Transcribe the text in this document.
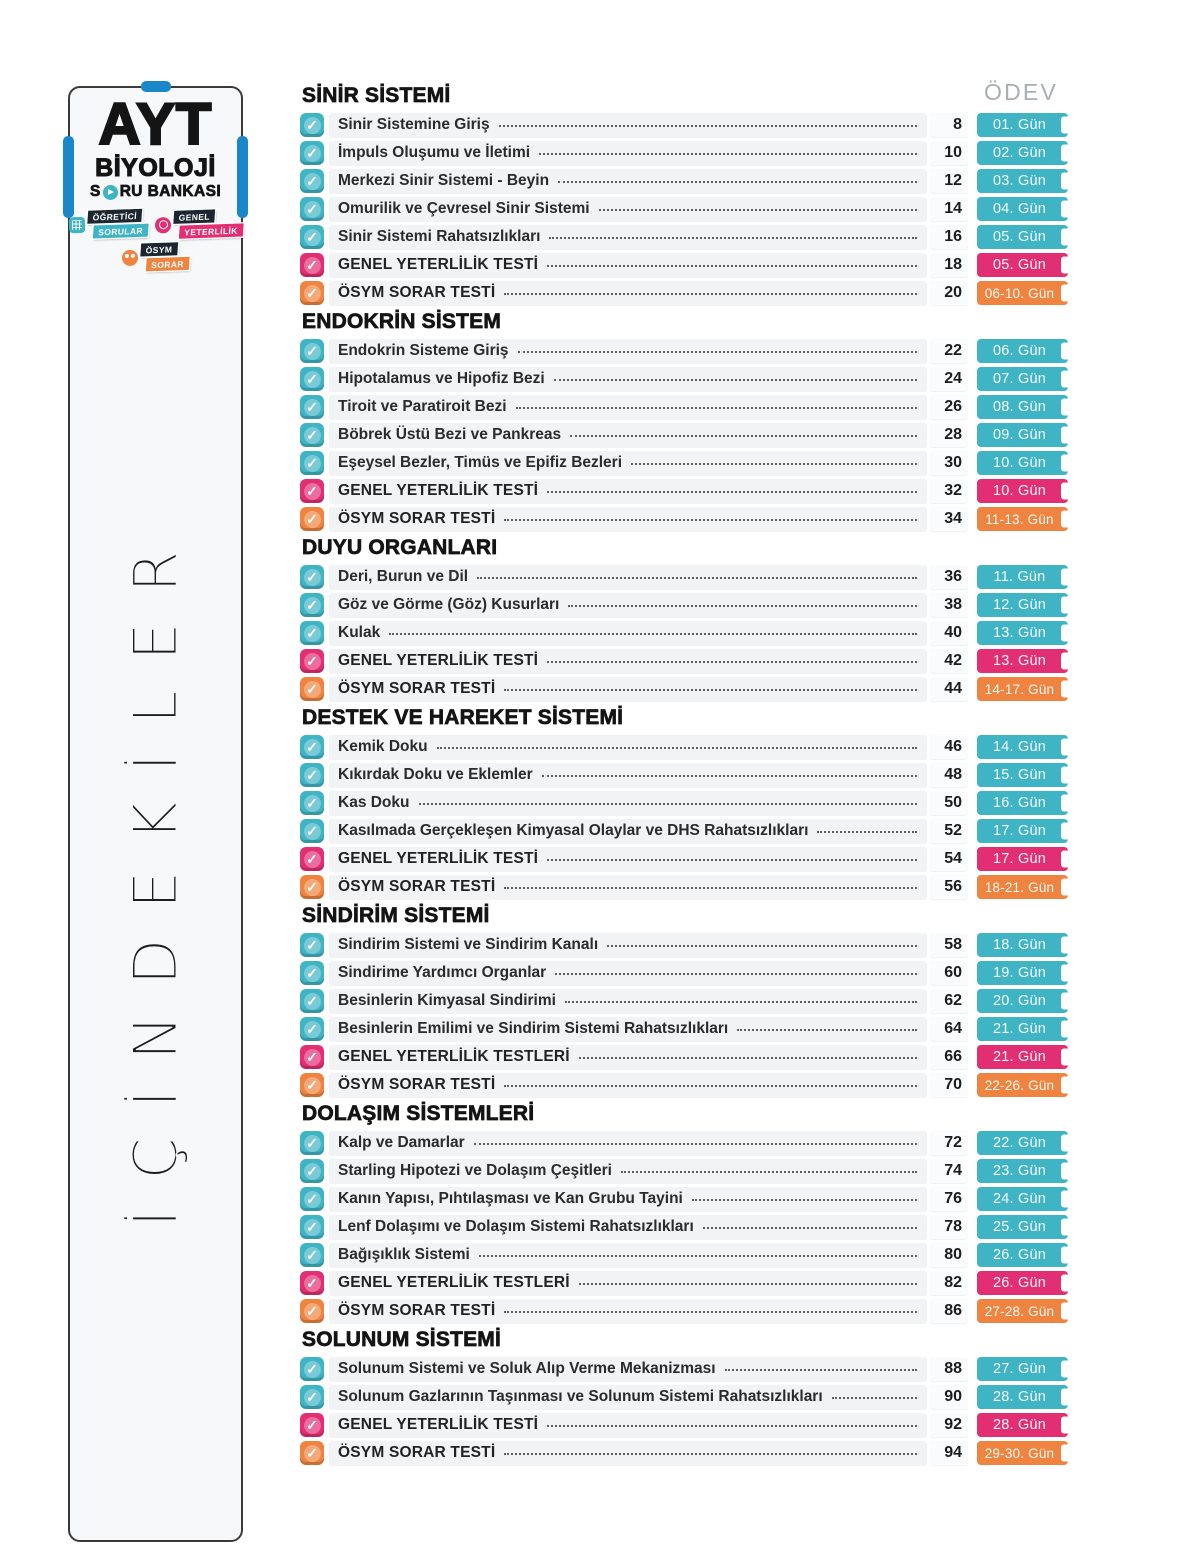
AYT
BİYOLOJİ
S RU BANKASI
ÖĞRETİCİ
SORULAR
GENEL
YETERLİLİK
ÖSYM
SORAR
İÇİNDEKİLER
ÖDEV
SİNİR SİSTEMİ
✓	Sinir Sistemine Giriş	8	01. Gün
✓	İmpuls Oluşumu ve İletimi	10	02. Gün
✓	Merkezi Sinir Sistemi - Beyin	12	03. Gün
✓	Omurilik ve Çevresel Sinir Sistemi	14	04. Gün
✓	Sinir Sistemi Rahatsızlıkları	16	05. Gün
✓	GENEL YETERLİLİK TESTİ	18	05. Gün
✓	ÖSYM SORAR TESTİ	20	06-10. Gün
ENDOKRİN SİSTEM
✓	Endokrin Sisteme Giriş	22	06. Gün
✓	Hipotalamus ve Hipofiz Bezi	24	07. Gün
✓	Tiroit ve Paratiroit Bezi	26	08. Gün
✓	Böbrek Üstü Bezi ve Pankreas	28	09. Gün
✓	Eşeysel Bezler, Timüs ve Epifiz Bezleri	30	10. Gün
✓	GENEL YETERLİLİK TESTİ	32	10. Gün
✓	ÖSYM SORAR TESTİ	34	11-13. Gün
DUYU ORGANLARI
✓	Deri, Burun ve Dil	36	11. Gün
✓	Göz ve Görme (Göz) Kusurları	38	12. Gün
✓	Kulak	40	13. Gün
✓	GENEL YETERLİLİK TESTİ	42	13. Gün
✓	ÖSYM SORAR TESTİ	44	14-17. Gün
DESTEK VE HAREKET SİSTEMİ
✓	Kemik Doku	46	14. Gün
✓	Kıkırdak Doku ve Eklemler	48	15. Gün
✓	Kas Doku	50	16. Gün
✓	Kasılmada Gerçekleşen Kimyasal Olaylar ve DHS Rahatsızlıkları	52	17. Gün
✓	GENEL YETERLİLİK TESTİ	54	17. Gün
✓	ÖSYM SORAR TESTİ	56	18-21. Gün
SİNDİRİM SİSTEMİ
✓	Sindirim Sistemi ve Sindirim Kanalı	58	18. Gün
✓	Sindirime Yardımcı Organlar	60	19. Gün
✓	Besinlerin Kimyasal Sindirimi	62	20. Gün
✓	Besinlerin Emilimi ve Sindirim Sistemi Rahatsızlıkları	64	21. Gün
✓	GENEL YETERLİLİK TESTLERİ	66	21. Gün
✓	ÖSYM SORAR TESTİ	70	22-26. Gün
DOLAŞIM SİSTEMLERİ
✓	Kalp ve Damarlar	72	22. Gün
✓	Starling Hipotezi ve Dolaşım Çeşitleri	74	23. Gün
✓	Kanın Yapısı, Pıhtılaşması ve Kan Grubu Tayini	76	24. Gün
✓	Lenf Dolaşımı ve Dolaşım Sistemi Rahatsızlıkları	78	25. Gün
✓	Bağışıklık Sistemi	80	26. Gün
✓	GENEL YETERLİLİK TESTLERİ	82	26. Gün
✓	ÖSYM SORAR TESTİ	86	27-28. Gün
SOLUNUM SİSTEMİ
✓	Solunum Sistemi ve Soluk Alıp Verme Mekanizması	88	27. Gün
✓	Solunum Gazlarının Taşınması ve Solunum Sistemi Rahatsızlıkları	90	28. Gün
✓	GENEL YETERLİLİK TESTİ	92	28. Gün
✓	ÖSYM SORAR TESTİ	94	29-30. Gün
